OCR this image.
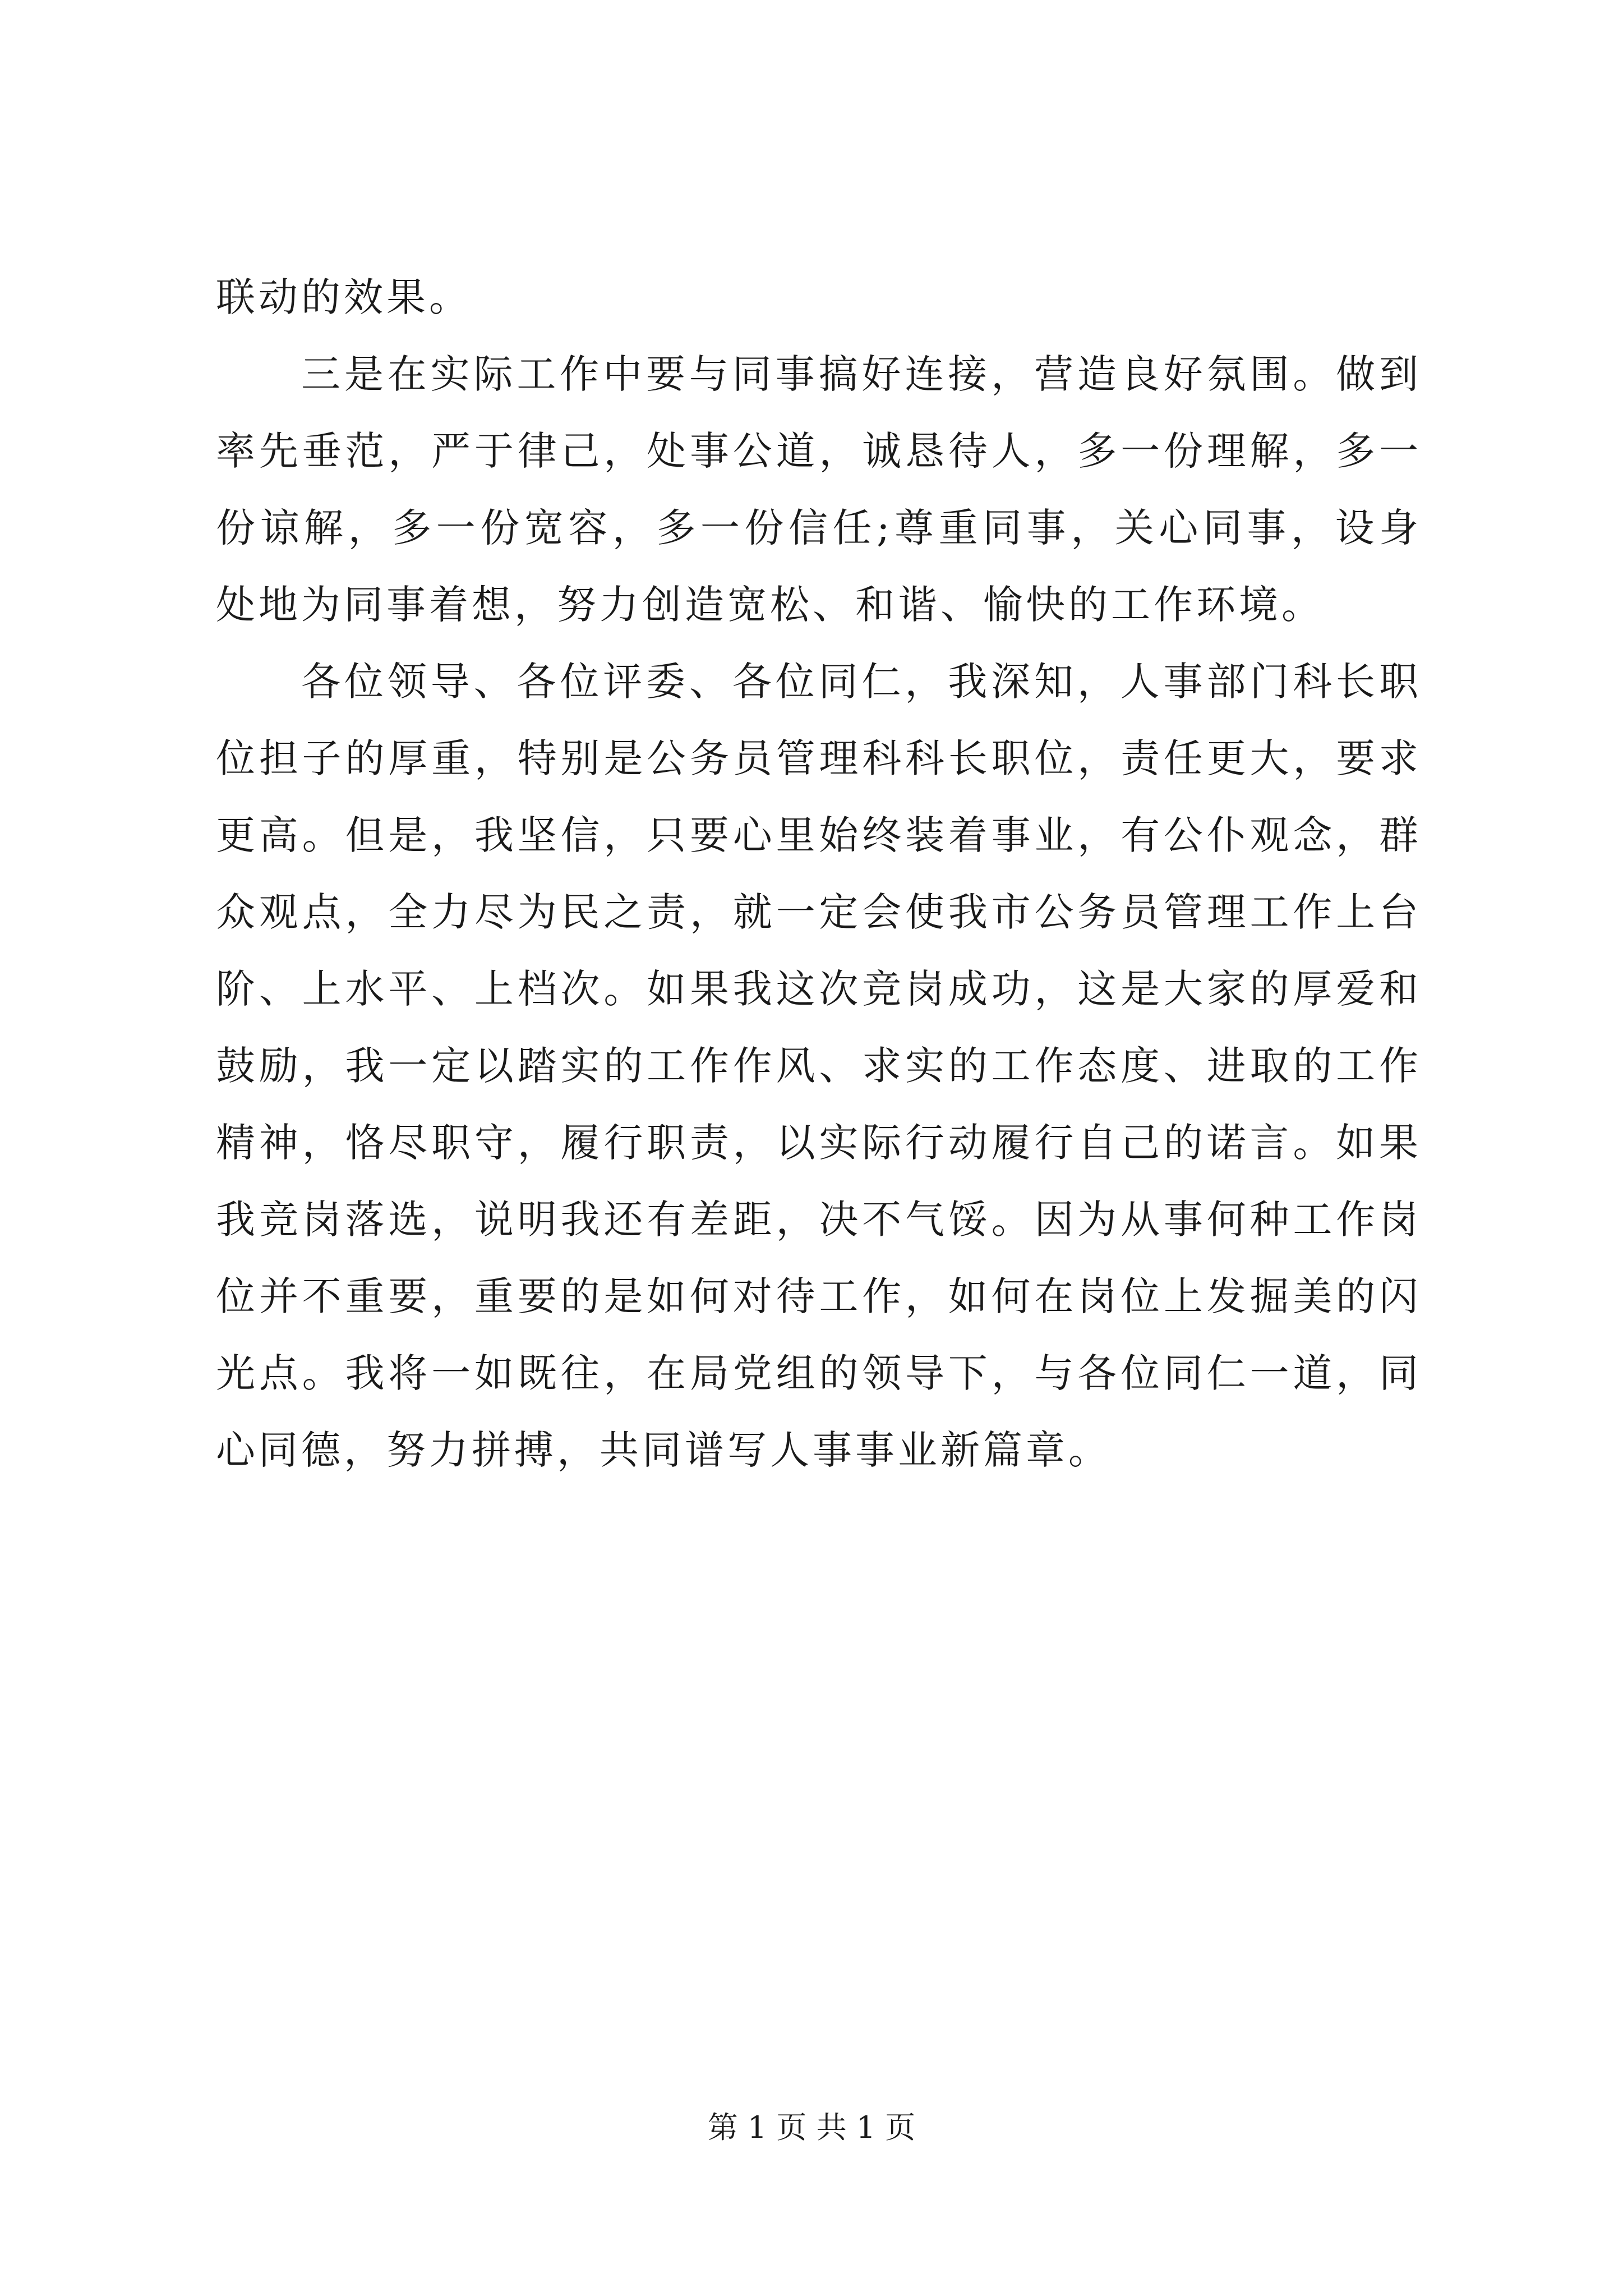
联动的效果。

三是在实际工作中要与同事搞好连接，营造良好氛围。做到率先垂范，严于律己，处事公道，诚恳待人，多一份理解，多一份谅解，多一份宽容，多一份信任;尊重同事，关心同事，设身处地为同事着想，努力创造宽松、和谐、愉快的工作环境。

各位领导、各位评委、各位同仁，我深知，人事部门科长职位担子的厚重，特别是公务员管理科科长职位，责任更大，要求更高。但是，我坚信，只要心里始终装着事业，有公仆观念，群众观点，全力尽为民之责，就一定会使我市公务员管理工作上台阶、上水平、上档次。如果我这次竞岗成功，这是大家的厚爱和鼓励，我一定以踏实的工作作风、求实的工作态度、进取的工作精神，恪尽职守，履行职责，以实际行动履行自己的诺言。如果我竞岗落选，说明我还有差距，决不气馁。因为从事何种工作岗位并不重要，重要的是如何对待工作，如何在岗位上发掘美的闪光点。我将一如既往，在局党组的领导下，与各位同仁一道，同心同德，努力拼搏，共同谱写人事事业新篇章。

第 1 页 共 1 页
